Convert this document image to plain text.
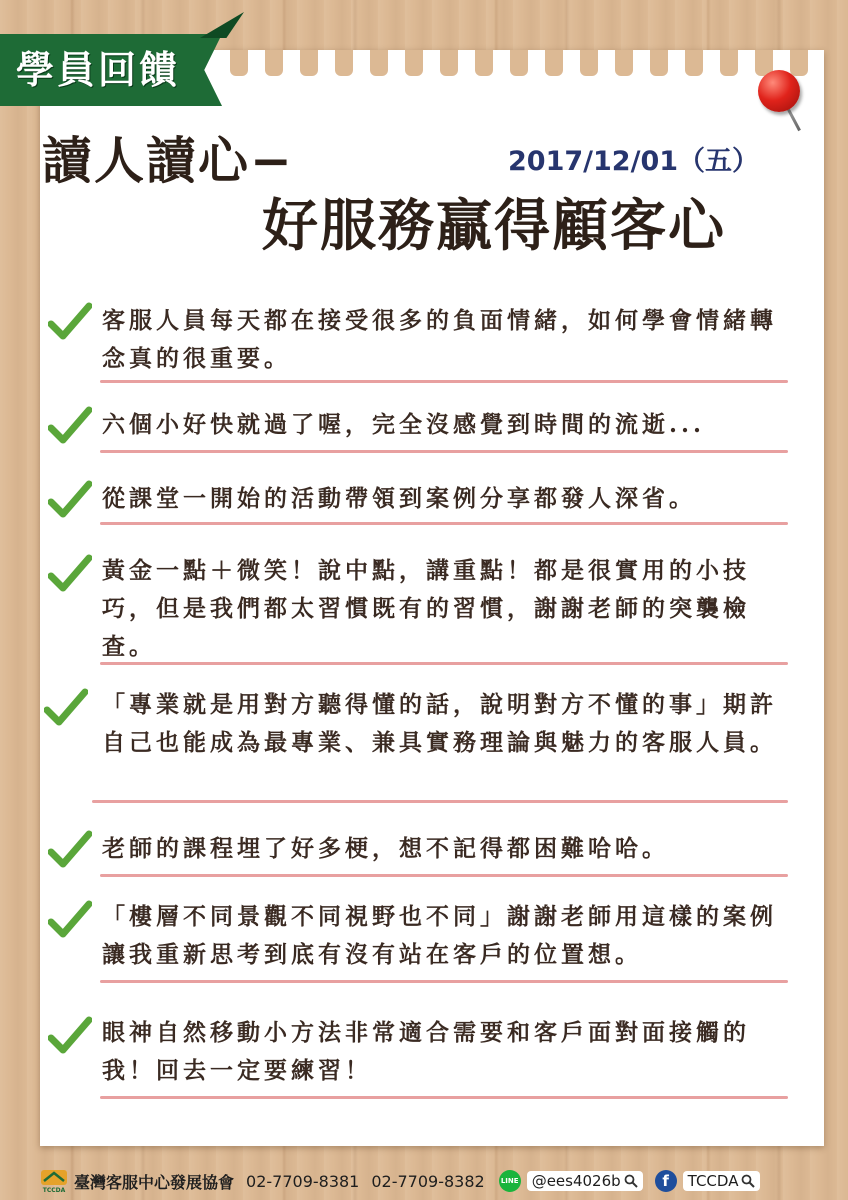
學員回饋
讀人讀心−	2017/12/01（五）
好服務贏得顧客心
客服人員每天都在接受很多的負面情緒，如何學會情緒轉念真的很重要。
六個小好快就過了喔，完全沒感覺到時間的流逝...
從課堂一開始的活動帶領到案例分享都發人深省。
黃金一點＋微笑！說中點，講重點！都是很實用的小技巧，但是我們都太習慣既有的習慣，謝謝老師的突襲檢查。
「專業就是用對方聽得懂的話，說明對方不懂的事」期許自己也能成為最專業、兼具實務理論與魅力的客服人員。
老師的課程埋了好多梗，想不記得都困難哈哈。
「樓層不同景觀不同視野也不同」謝謝老師用這樣的案例讓我重新思考到底有沒有站在客戶的位置想。
眼神自然移動小方法非常適合需要和客戶面對面接觸的我！回去一定要練習！
TCCDA 臺灣客服中心發展協會 02-7709-8381 02-7709-8382	LINE @ees4026b	f	TCCDA
